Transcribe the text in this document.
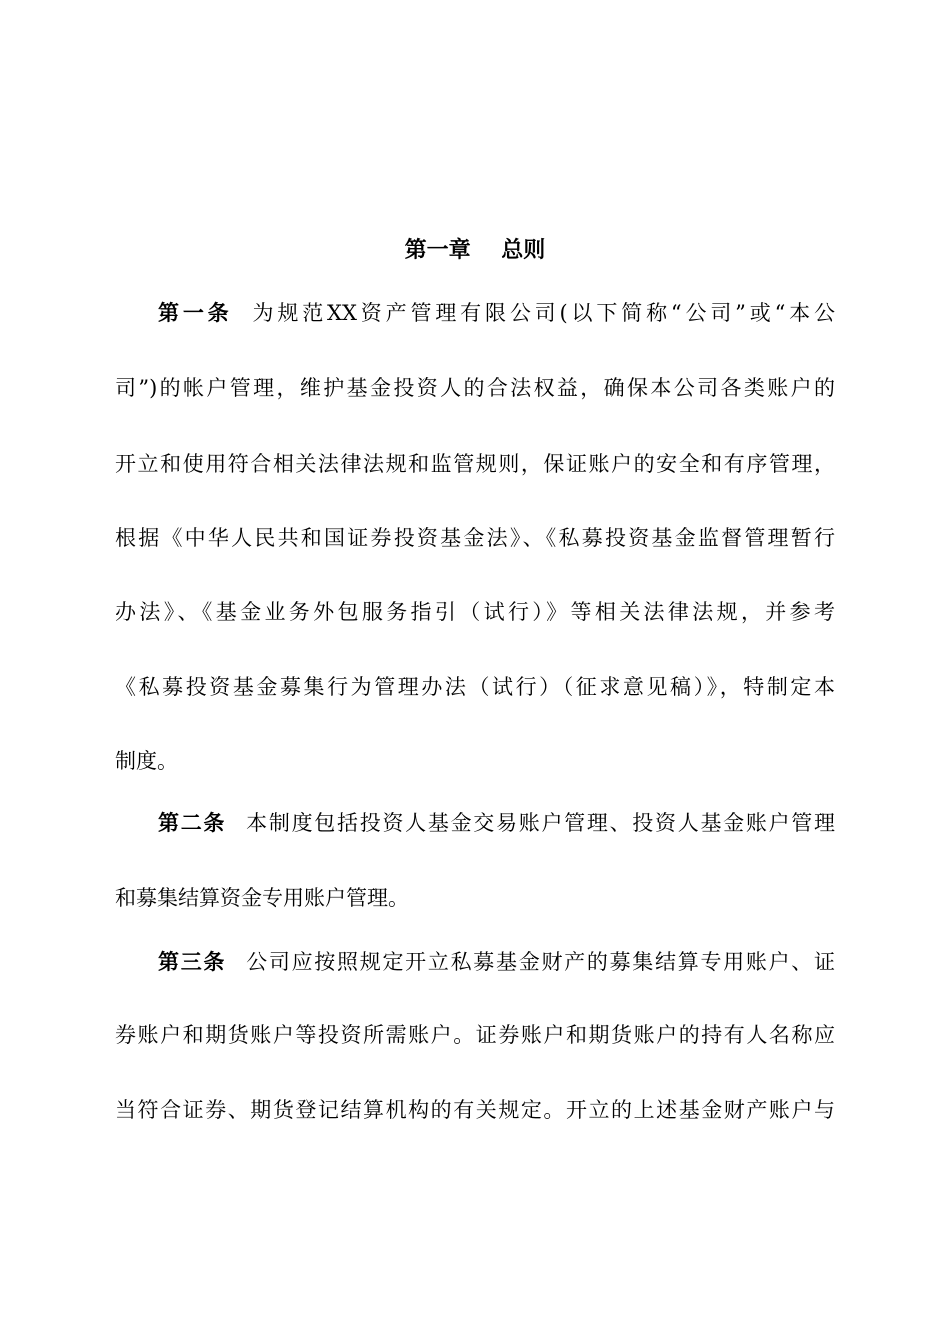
第一章    总则
第一条 为规范XX资产管理有限公司(以下简称“公司”或“本公
司”)的帐户管理，维护基金投资人的合法权益，确保本公司各类账户的
开立和使用符合相关法律法规和监管规则，保证账户的安全和有序管理，
根据《中华人民共和国证券投资基金法》、《私募投资基金监督管理暂行
办法》、《基金业务外包服务指引（试行）》等相关法律法规，并参考
《私募投资基金募集行为管理办法（试行）（征求意见稿）》，特制定本
制度。
第二条 本制度包括投资人基金交易账户管理、投资人基金账户管理
和募集结算资金专用账户管理。
第三条 公司应按照规定开立私募基金财产的募集结算专用账户、证
券账户和期货账户等投资所需账户。证券账户和期货账户的持有人名称应
当符合证券、期货登记结算机构的有关规定。开立的上述基金财产账户与
